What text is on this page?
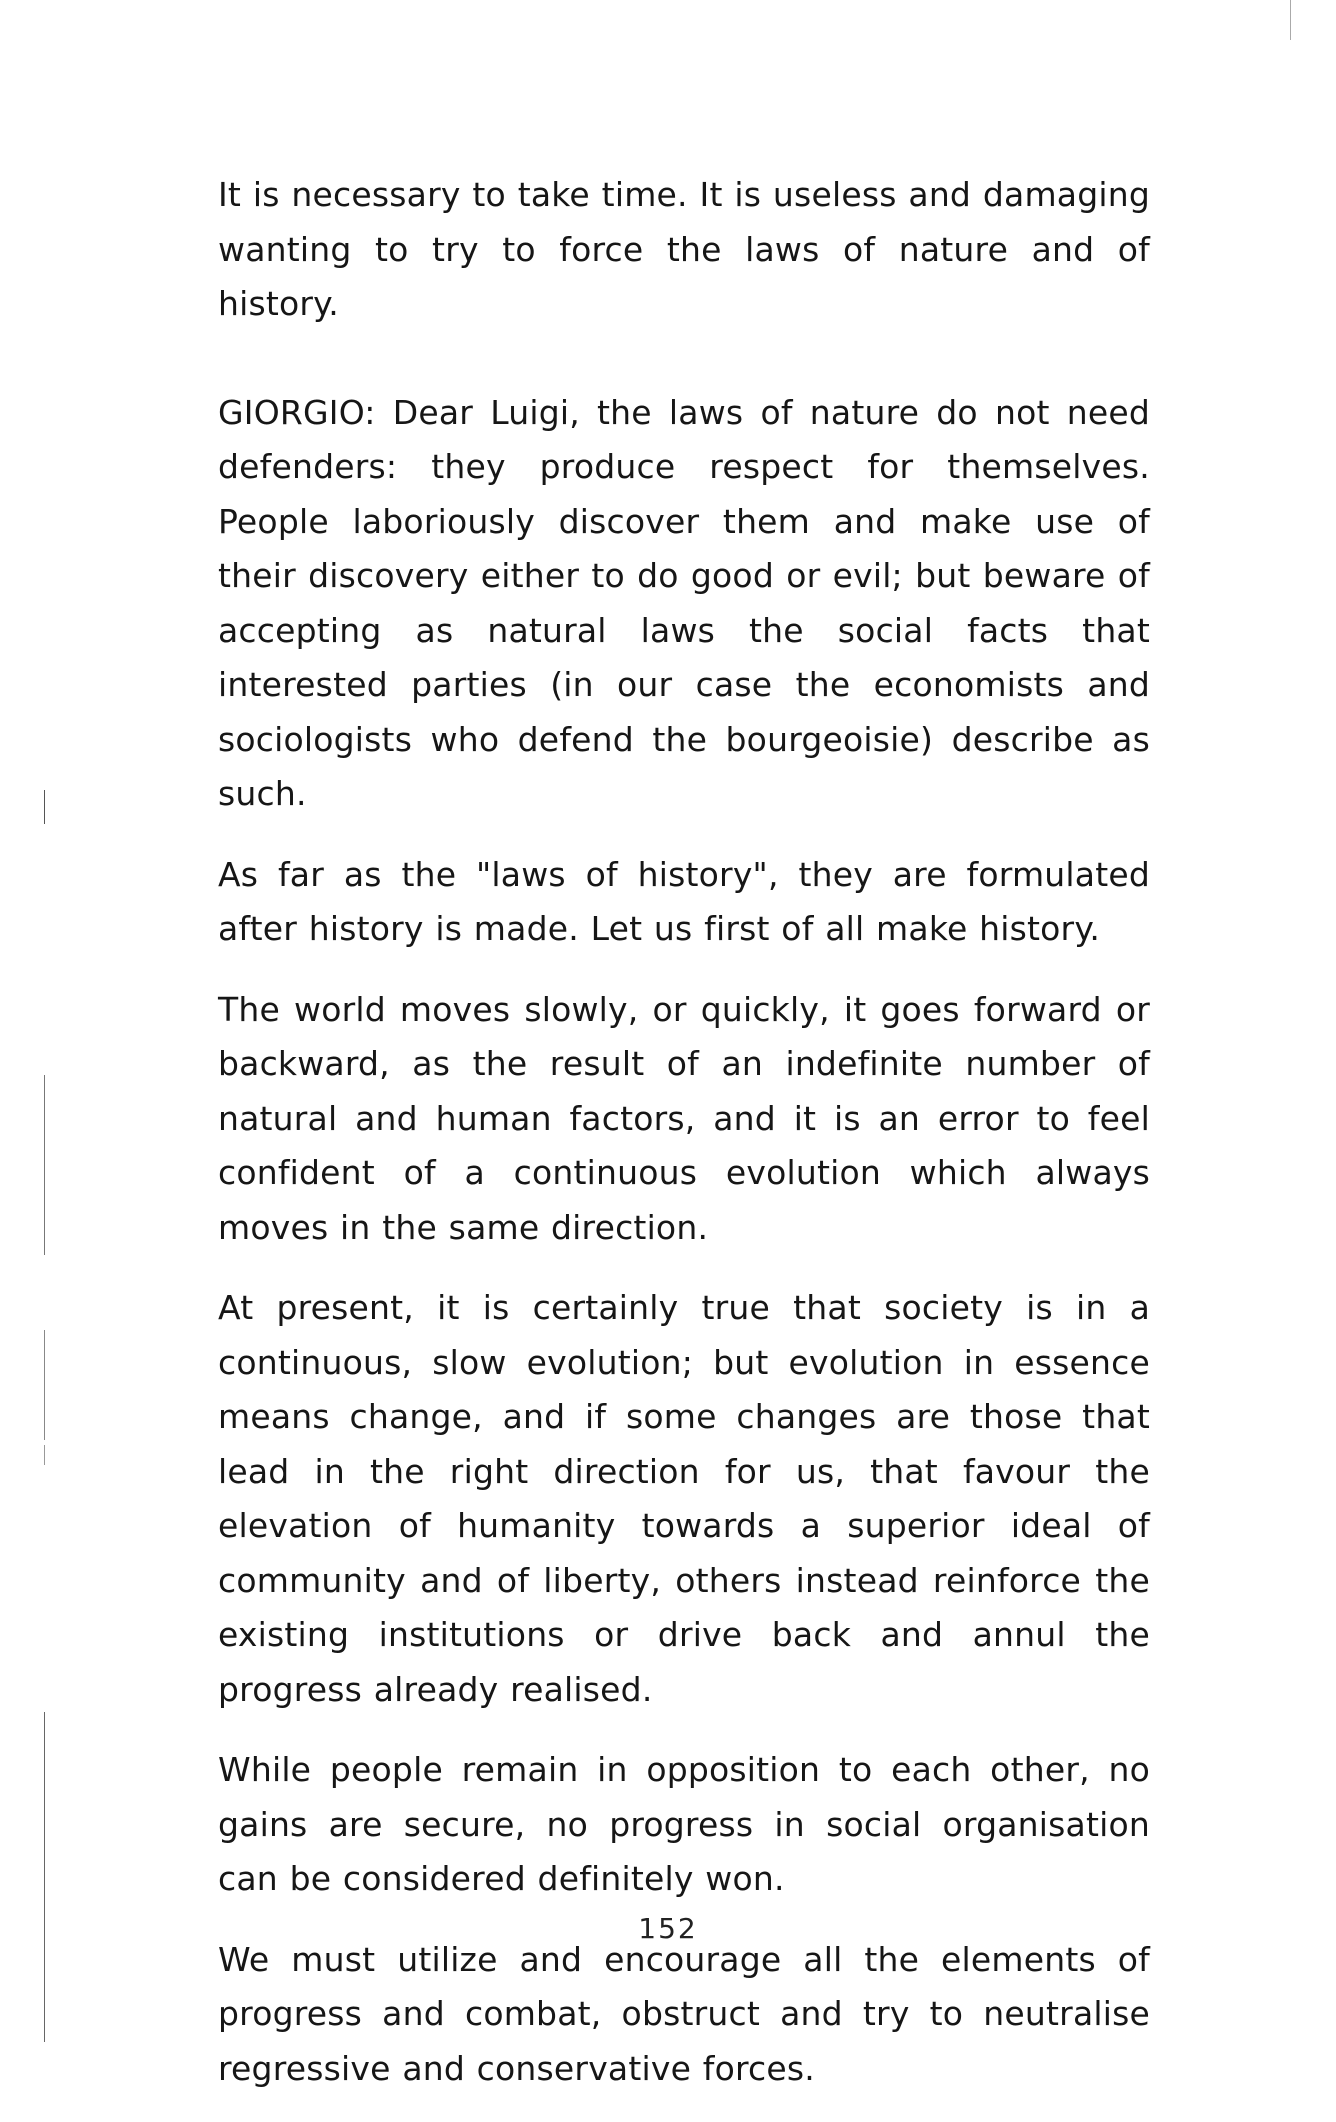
It is necessary to take time. It is useless and damaging wanting to try to force the laws of nature and of history.

GIORGIO: Dear Luigi, the laws of nature do not need defenders: they produce respect for themselves. People laboriously discover them and make use of their discovery either to do good or evil; but beware of accepting as natural laws the social facts that interested parties (in our case the economists and sociologists who defend the bourgeoisie) describe as such.

As far as the "laws of history", they are formulated after history is made. Let us first of all make history.

The world moves slowly, or quickly, it goes forward or backward, as the result of an indefinite number of natural and human factors, and it is an error to feel confident of a continuous evolution which always moves in the same direction.

At present, it is certainly true that society is in a continuous, slow evolution; but evolution in essence means change, and if some changes are those that lead in the right direction for us, that favour the elevation of humanity towards a superior ideal of community and of liberty, others instead reinforce the existing institutions or drive back and annul the progress already realised.

While people remain in opposition to each other, no gains are secure, no progress in social organisation can be considered definitely won.

We must utilize and encourage all the elements of progress and combat, obstruct and try to neutralise regressive and conservative forces.

152
